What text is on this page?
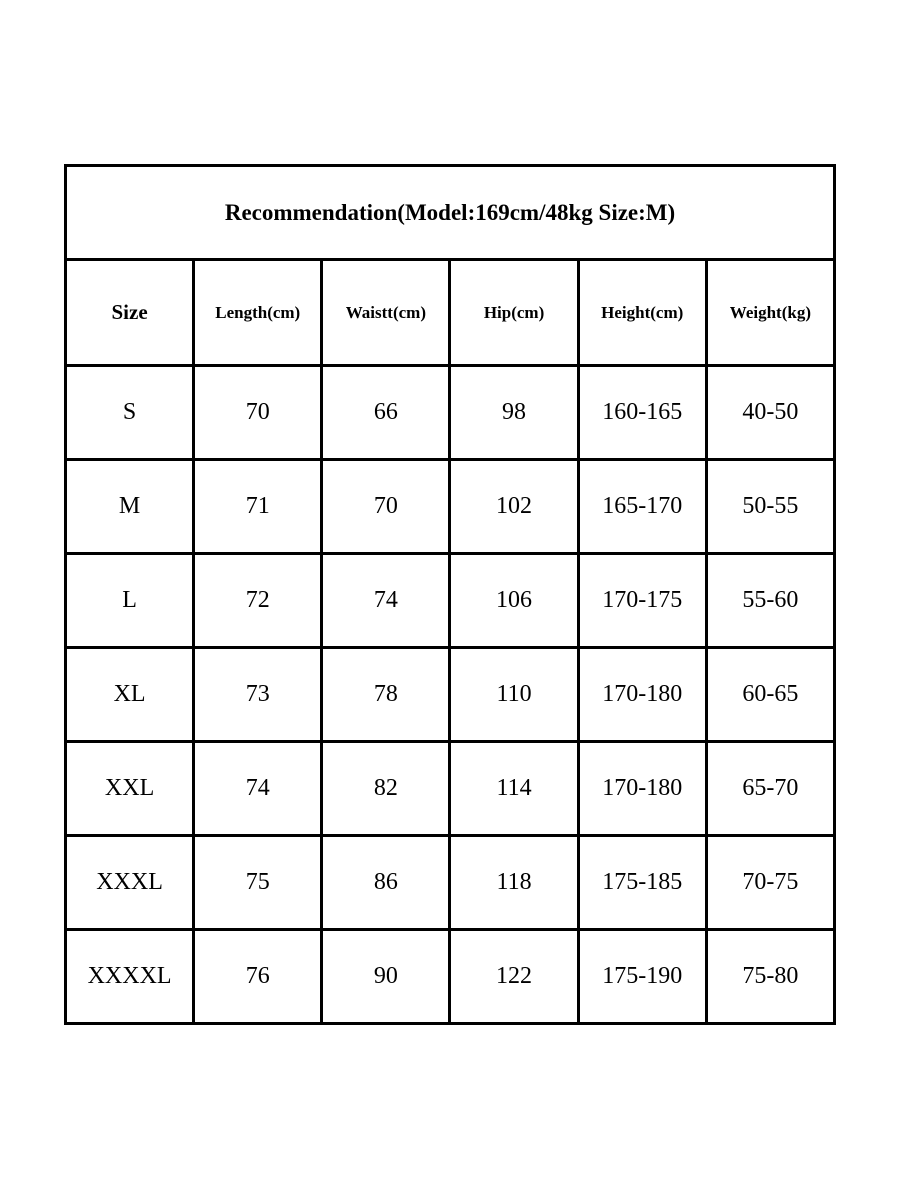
Recommendation(Model:169cm/48kg Size:M)					
Size	Length(cm)	Waistt(cm)	Hip(cm)	Height(cm)	Weight(kg)
S	70	66	98	160-165	40-50
M	71	70	102	165-170	50-55
L	72	74	106	170-175	55-60
XL	73	78	110	170-180	60-65
XXL	74	82	114	170-180	65-70
XXXL	75	86	118	175-185	70-75
XXXXL	76	90	122	175-190	75-80
